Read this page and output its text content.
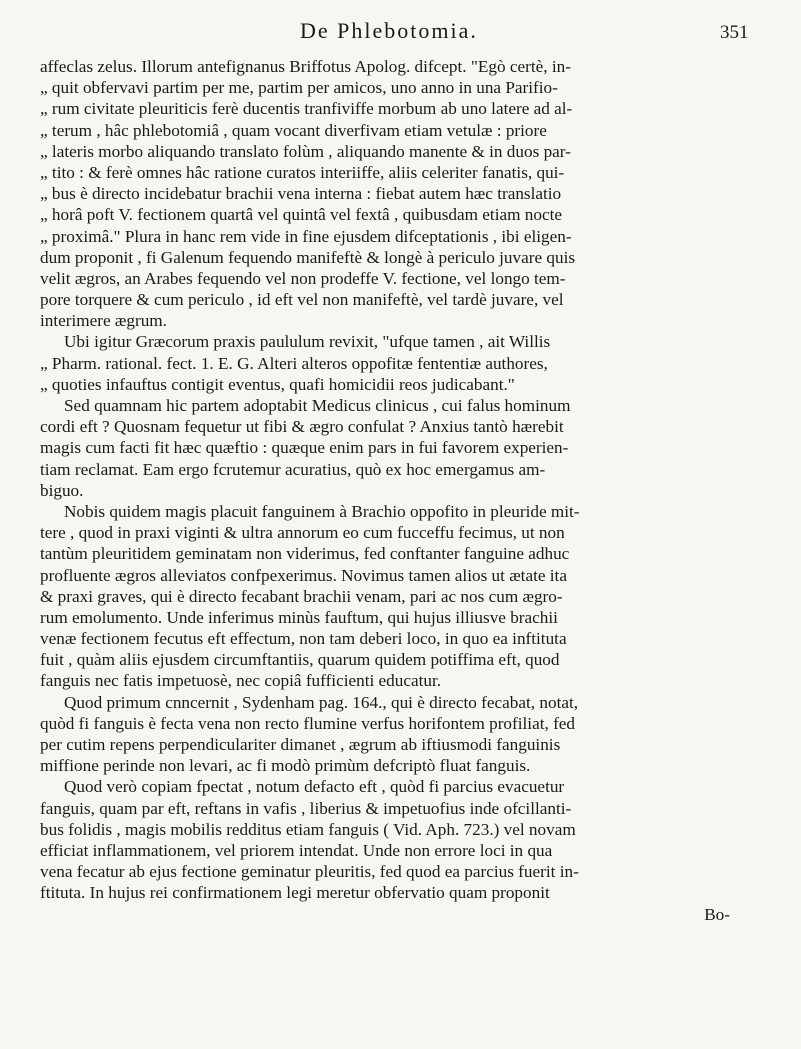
De Phlebotomia.	351
affeclas zelus. Illorum antefignanus Briffotus Apolog. difcept. "Egò certè, in-
„ quit obfervavi partim per me, partim per amicos, uno anno in una Parifio-
„ rum civitate pleuriticis ferè ducentis tranfiviffe morbum ab uno latere ad al-
„ terum , hâc phlebotomiâ , quam vocant diverfivam etiam vetulæ : priore
„ lateris morbo aliquando translato folùm , aliquando manente & in duos par-
„ tito : & ferè omnes hâc ratione curatos interiiffe, aliis celeriter fanatis, qui-
„ bus è directo incidebatur brachii vena interna : fiebat autem hæc translatio
„ horâ poft V. fectionem quartâ vel quintâ vel fextâ , quibusdam etiam nocte
„ proximâ." Plura in hanc rem vide in fine ejusdem difceptationis , ibi eligen-
dum proponit , fi Galenum fequendo manifeftè & longè à periculo juvare quis
velit ægros, an Arabes fequendo vel non prodeffe V. fectione, vel longo tem-
pore torquere & cum periculo , id eft vel non manifeftè, vel tardè juvare, vel
interimere ægrum.
Ubi igitur Græcorum praxis paululum revixit, "ufque tamen , ait Willis
„ Pharm. rational. fect. 1. E. G. Alteri alteros oppofitæ fententiæ authores,
„ quoties infauftus contigit eventus, quafi homicidii reos judicabant."
Sed quamnam hic partem adoptabit Medicus clinicus , cui falus hominum
cordi eft ? Quosnam fequetur ut fibi & ægro confulat ? Anxius tantò hærebit
magis cum facti fit hæc quæftio : quæque enim pars in fui favorem experien-
tiam reclamat. Eam ergo fcrutemur acuratius, quò ex hoc emergamus am-
biguo.
Nobis quidem magis placuit fanguinem à Brachio oppofito in pleuride mit-
tere , quod in praxi viginti & ultra annorum eo cum fucceffu fecimus, ut non
tantùm pleuritidem geminatam non viderimus, fed conftanter fanguine adhuc
profluente ægros alleviatos confpexerimus. Novimus tamen alios ut ætate ita
& praxi graves, qui è directo fecabant brachii venam, pari ac nos cum ægro-
rum emolumento. Unde inferimus minùs fauftum, qui hujus illiusve brachii
venæ fectionem fecutus eft effectum, non tam deberi loco, in quo ea inftituta
fuit , quàm aliis ejusdem circumftantiis, quarum quidem potiffima eft, quod
fanguis nec fatis impetuosè, nec copiâ fufficienti educatur.
Quod primum cnncernit , Sydenham pag. 164., qui è directo fecabat, notat,
quòd fi fanguis è fecta vena non recto flumine verfus horifontem profiliat, fed
per cutim repens perpendiculariter dimanet , ægrum ab iftiusmodi fanguinis
miffione perinde non levari, ac fi modò primùm defcriptò fluat fanguis.
Quod verò copiam fpectat , notum defacto eft , quòd fi parcius evacuetur
fanguis, quam par eft, reftans in vafis , liberius & impetuofius inde ofcillanti-
bus folidis , magis mobilis redditus etiam fanguis ( Vid. Aph. 723.) vel novam
efficiat inflammationem, vel priorem intendat. Unde non errore loci in qua
vena fecatur ab ejus fectione geminatur pleuritis, fed quod ea parcius fuerit in-
ftituta. In hujus rei confirmationem legi meretur obfervatio quam proponit
Bo-
